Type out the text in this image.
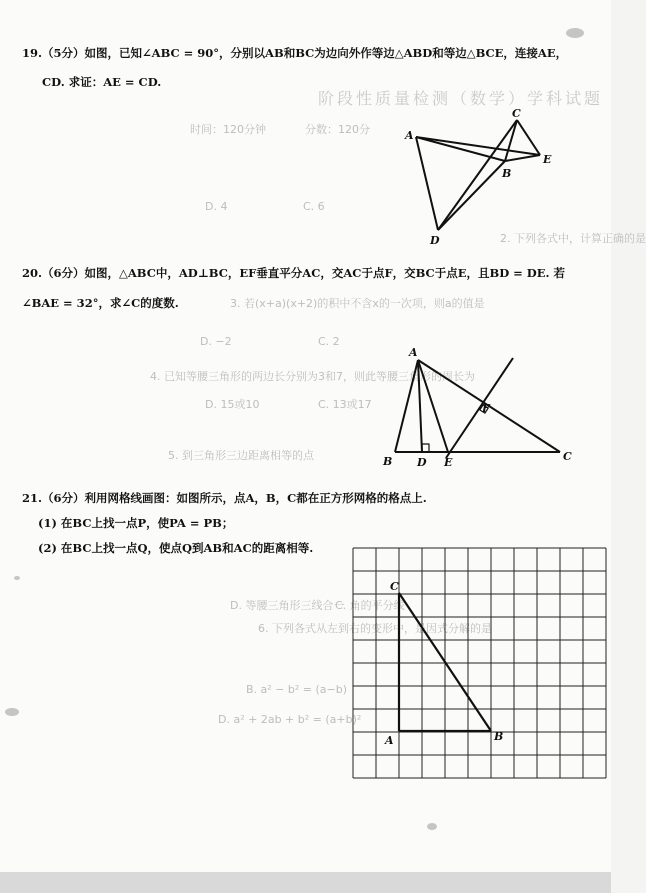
阶段性质量检测（数学）学科试题
分数：120分
时间：120分钟
C. 6
D. 4
2. 下列各式中，计算正确的是
3. 若(x+a)(x+2)的积中不含x的一次项，则a的值是
C. 2
D. −2
4. 已知等腰三角形的两边长分别为3和7，则此等腰三角形的周长为
C. 13或17
D. 15或10
5. 到三角形三边距离相等的点
6. 下列各式从左到右的变形中，是因式分解的是
B. a² − b² = (a−b)
D. a² + 2ab + b² = (a+b)²
D. 等腰三角形三线合一
C. 角的平分线
19.（5分）如图，已知∠ABC = 90°，分别以AB和BC为边向外作等边△ABD和等边△BCE，连接AE，
CD. 求证：AE = CD.
A
B
C
D
E
20.（6分）如图，△ABC中，AD⊥BC，EF垂直平分AC，交AC于点F，交BC于点E，且BD = DE. 若
∠BAE = 32°，求∠C的度数.
A
B	C
D E
F
21.（6分）利用网格线画图：如图所示，点A，B，C都在正方形网格的格点上.
(1) 在BC上找一点P，使PA = PB；
(2) 在BC上找一点Q，使点Q到AB和AC的距离相等.
C
A	B
